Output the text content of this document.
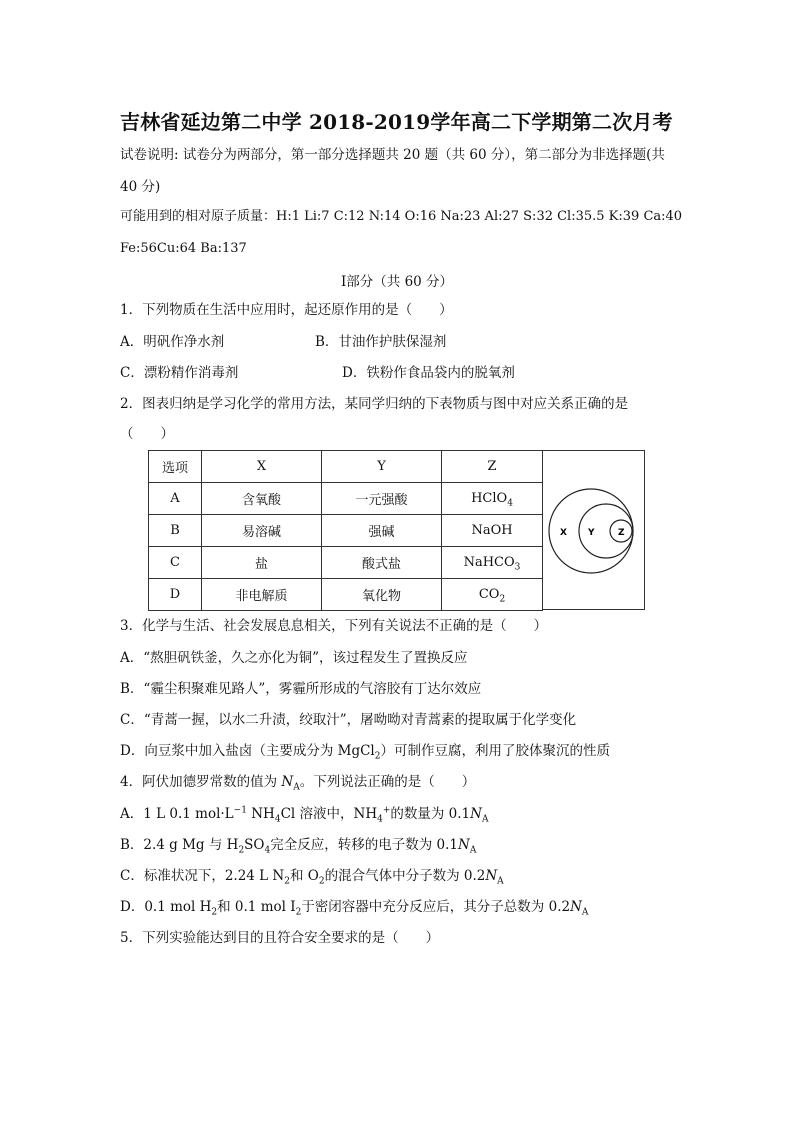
吉林省延边第二中学 2018-2019学年高二下学期第二次月考
试卷说明: 试卷分为两部分，第一部分选择题共 20 题（共 60 分），第二部分为非选择题(共
40 分)
可能用到的相对原子质量：H:1 Li:7 C:12 N:14 O:16 Na:23 Al:27 S:32 Cl:35.5 K:39 Ca:40
Fe:56Cu:64 Ba:137
Ⅰ部分（共 60 分）
1．下列物质在生活中应用时，起还原作用的是（　　）
A．明矾作净水剂	B．甘油作护肤保湿剂
C．漂粉精作消毒剂	D．铁粉作食品袋内的脱氧剂
2．图表归纳是学习化学的常用方法，某同学归纳的下表物质与图中对应关系正确的是
（　　）
选项	X	Y	Z
A	含氧酸	一元强酸	HClO$_4$
B	易溶碱	强碱	NaOH
C	盐	酸式盐	NaHCO$_3$
D	非电解质	氧化物	$CO_2$
X Y	Z
3．化学与生活、社会发展息息相关，下列有关说法不正确的是（　　）
A．“熬胆矾铁釜，久之亦化为铜”，该过程发生了置换反应
B．“霾尘积聚难见路人”，雾霾所形成的气溶胶有丁达尔效应
C．“青蒿一握，以水二升渍，绞取汁”，屠呦呦对青蒿素的提取属于化学变化
D．向豆浆中加入盐卤（主要成分为 MgCl$_2$）可制作豆腐，利用了胶体聚沉的性质
4．阿伏加德罗常数的值为 $N_A$。下列说法正确的是（　　）
A．1 L 0.1 $mol\cdot L^{-1}$ $NH_4Cl$ 溶液中，$NH_4^+$的数量为 $0.1N_A$
B．2.4 g Mg 与 $H_2SO_4$完全反应，转移的电子数为 $0.1N_A$
C．标准状况下，2.24 L $N_2$和 $O_2$的混合气体中分子数为 $0.2N_A$
D．0.1 mol $H_2$和 0.1 mol $I_2$于密闭容器中充分反应后，其分子总数为 $0.2N_A$
5．下列实验能达到目的且符合安全要求的是（　　）
